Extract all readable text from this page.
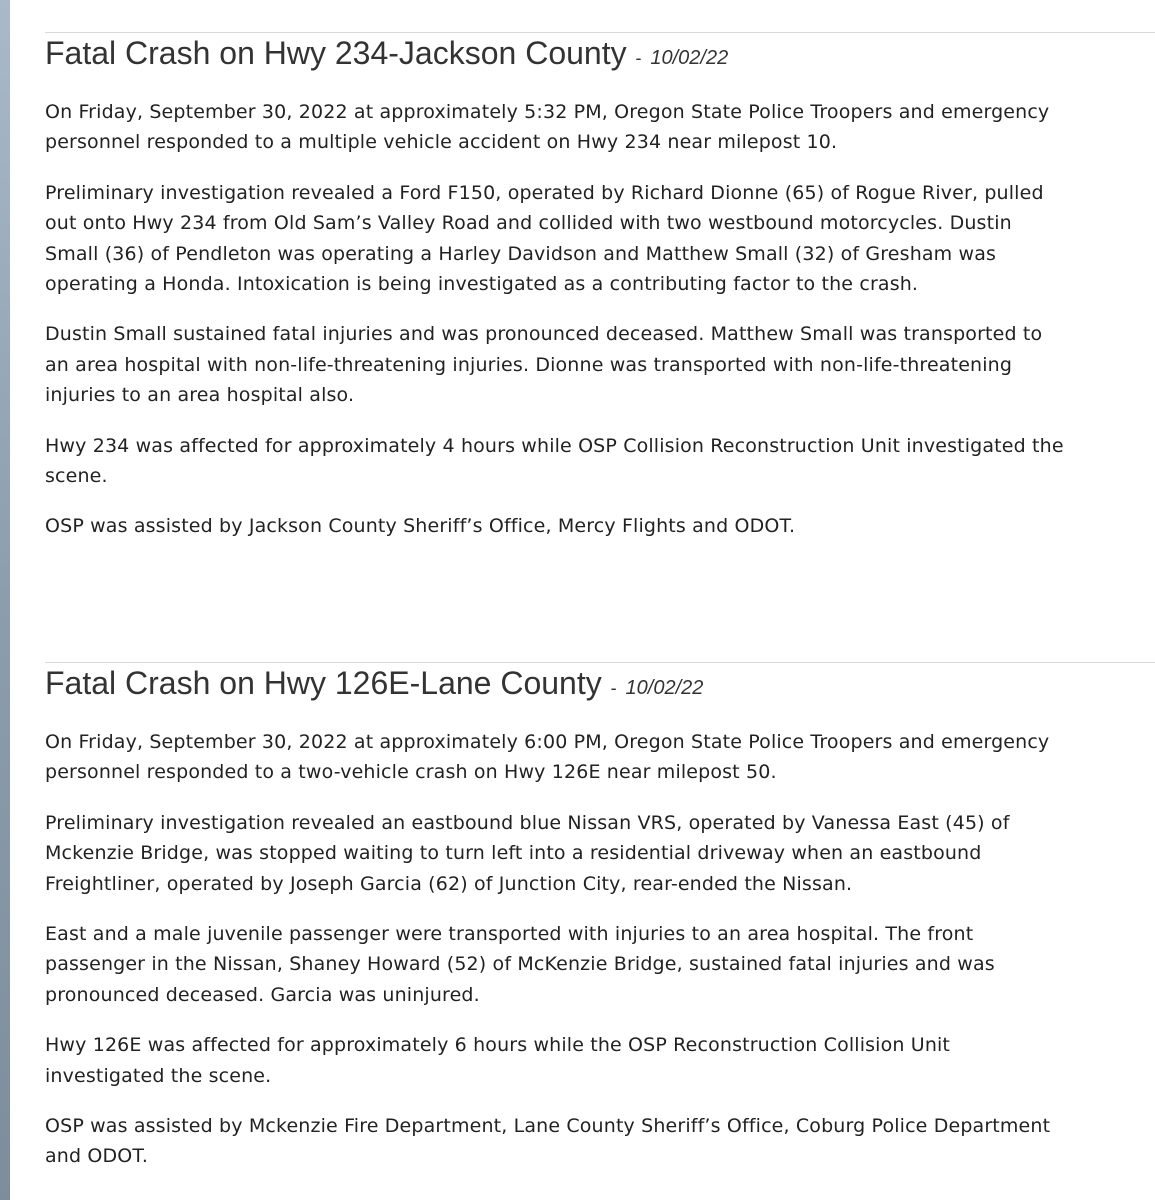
Fatal Crash on Hwy 234-Jackson County - 10/02/22

On Friday, September 30, 2022 at approximately 5:32 PM, Oregon State Police Troopers and emergency personnel responded to a multiple vehicle accident on Hwy 234 near milepost 10.

Preliminary investigation revealed a Ford F150, operated by Richard Dionne (65) of Rogue River, pulled out onto Hwy 234 from Old Sam’s Valley Road and collided with two westbound motorcycles. Dustin Small (36) of Pendleton was operating a Harley Davidson and Matthew Small (32) of Gresham was operating a Honda. Intoxication is being investigated as a contributing factor to the crash.

Dustin Small sustained fatal injuries and was pronounced deceased. Matthew Small was transported to an area hospital with non-life-threatening injuries. Dionne was transported with non-life-threatening injuries to an area hospital also.

Hwy 234 was affected for approximately 4 hours while OSP Collision Reconstruction Unit investigated the scene.

OSP was assisted by Jackson County Sheriff’s Office, Mercy Flights and ODOT.

Fatal Crash on Hwy 126E-Lane County - 10/02/22

On Friday, September 30, 2022 at approximately 6:00 PM, Oregon State Police Troopers and emergency personnel responded to a two-vehicle crash on Hwy 126E near milepost 50.

Preliminary investigation revealed an eastbound blue Nissan VRS, operated by Vanessa East (45) of Mckenzie Bridge, was stopped waiting to turn left into a residential driveway when an eastbound Freightliner, operated by Joseph Garcia (62) of Junction City, rear-ended the Nissan.

East and a male juvenile passenger were transported with injuries to an area hospital. The front passenger in the Nissan, Shaney Howard (52) of McKenzie Bridge, sustained fatal injuries and was pronounced deceased. Garcia was uninjured.

Hwy 126E was affected for approximately 6 hours while the OSP Reconstruction Collision Unit investigated the scene.

OSP was assisted by Mckenzie Fire Department, Lane County Sheriff’s Office, Coburg Police Department and ODOT.
